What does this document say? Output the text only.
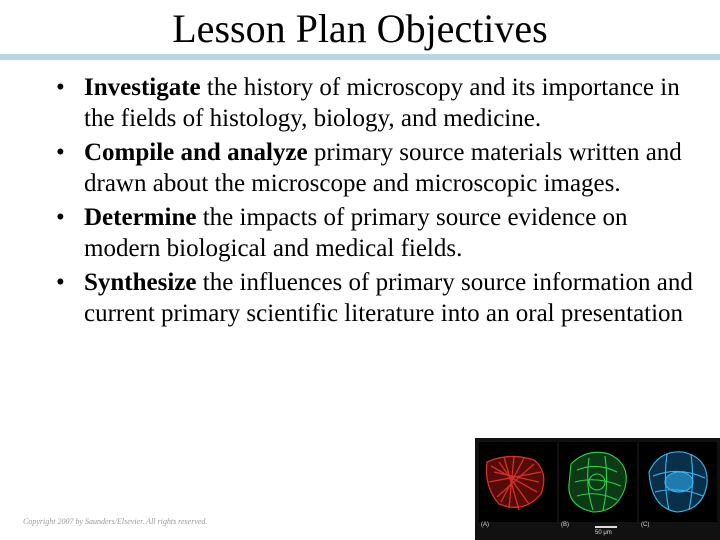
Lesson Plan Objectives
• Investigate the history of microscopy and its importance in the fields of histology, biology, and medicine.
• Compile and analyze primary source materials written and drawn about the microscope and microscopic images.
• Determine the impacts of primary source evidence on modern biological and medical fields.
• Synthesize the influences of primary source information and current primary scientific literature into an oral presentation
(A)	(B)	(C)
50 μm
Copyright 2007 by Saunders/Elsevier. All rights reserved.
